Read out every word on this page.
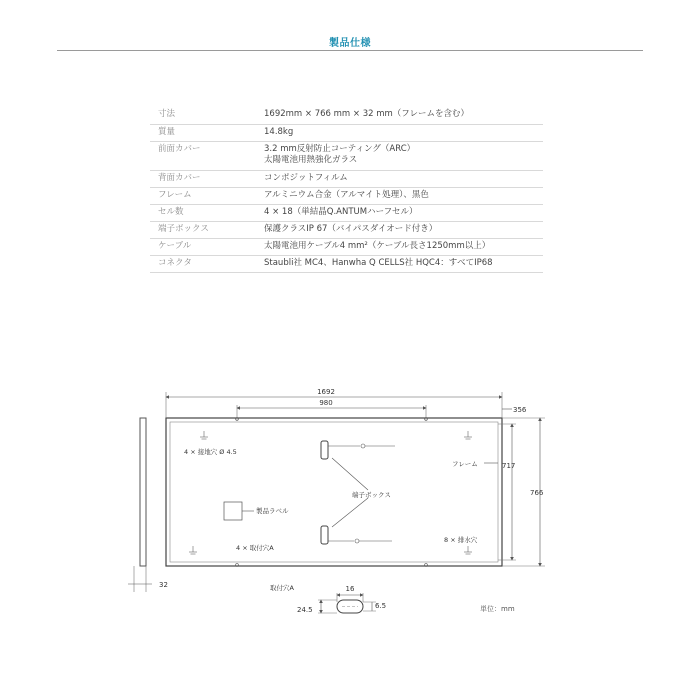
製品仕様
寸法	1692mm × 766 mm × 32 mm（フレームを含む）
質量	14.8kg
前面カバー	3.2 mm反射防止コーティング（ARC）
太陽電池用熱強化ガラス

背面カバー	コンポジットフィルム
フレーム	アルミニウム合金（アルマイト処理）、黒色
セル数	4 × 18（単結晶Q.ANTUMハーフセル）
端子ボックス	保護クラスIP 67（バイパスダイオード付き）
ケーブル	太陽電池用ケーブル4 mm²（ケーブル長さ1250mm以上）
コネクタ	Staubli社 MC4、Hanwha Q CELLS社 HQC4：すべてIP68
32
1692
980
356
766
717
端子ボックス
製品ラベル
4 × 接地穴 Ø 4.5
フレーム
4 × 取付穴A
8 × 排水穴
取付穴A	16
24.5	6.5	単位：mm
